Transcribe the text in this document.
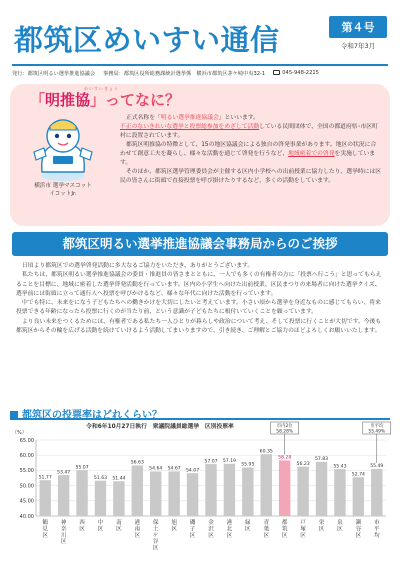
都筑区めいすい通信	第４号
令和7年3月
発行：都筑区明るい選挙推進協議会 事務局：都筑区役所総務課統計選挙係　横浜市都筑区茅ケ崎中央32-1	045-948-2215
めいすいきょう
「明推協」ってなに？
横浜市 選挙マスコット
イコットJr.

正式名称を「明るい選挙推進協議会」といいます。
不正のないきれいな選挙と投票総参加をめざして活動している民間団体で、全国の都道府県･市区町村に設置されています。

都筑区明推協の特徴として、15の地区協議会による独自の啓発事業があります。地区の状況に合わせて創意工夫を凝らし、様々な活動を通じて啓発を行うなど、地域密着での啓発を実施しています。

そのほか、都筑区選挙管理委員会が主催する区内小学校への出前授業に協力したり、選挙時には区民の皆さんに街頭で直接投票を呼び掛けたりするなど、多くの活動をしています。

都筑区明るい選挙推進協議会事務局からのご挨拶

日頃より都筑区での選挙啓発活動に多大なるご協力をいただき、ありがとうございます。

私たちは、都筑区明るい選挙推進協議会の委員・推進員の皆さまとともに、一人でも多くの有権者の方に「投票へ行こう」と思ってもらえることを目標に、地域に密着した選挙啓発活動を行っています。区内の小学生へ向けた出前授業、区民まつりの来場者に向けた選挙クイズ、選挙前には街頭に立って通行人へ投票を呼びかけるなど、様々な年代に向けた活動を行っています。

中でも特に、未来をになう子どもたちへの働きかけを大切にしたいと考えています。小さい頃から選挙を身近なものに感じてもらい、将来投票できる年齢になったら投票に行くのが当たり前、という意識が子どもたちに根付いていくことを願っています。

より良い未来をつくるためには、有権者である私たち一人ひとりが暮らしや政治について考え、そして投票に行くことが大切です。今後も都筑区からその輪を広げる活動を続けていけるよう活動してまいりますので、引き続き、ご理解とご協力のほどよろしくお願いいたします。

都筑区の投票率はどれくらい？
令和6年10月27日執行　衆議院議員総選挙　区別投票率
（%）
40.00
45.00
50.00
55.00
60.00
65.00
51.77
鶴
見
区
53.47
神
奈
川
区
55.07
西
区
51.63
中
区
51.44
南
区
56.63
港
南
区
54.64
保
土
ケ
谷
区
54.67
旭
区
54.07
磯
子
区
57.07
金
沢
区
57.19
港
北
区
55.95
緑
区
60.35
青
葉
区
58.28
都
筑
区
56.23
戸
塚
区
57.83
栄
区
55.43
泉
区
52.74
瀬
谷
区
55.49
市
平
均
市内2位
58.28%
市平均
55.49%
